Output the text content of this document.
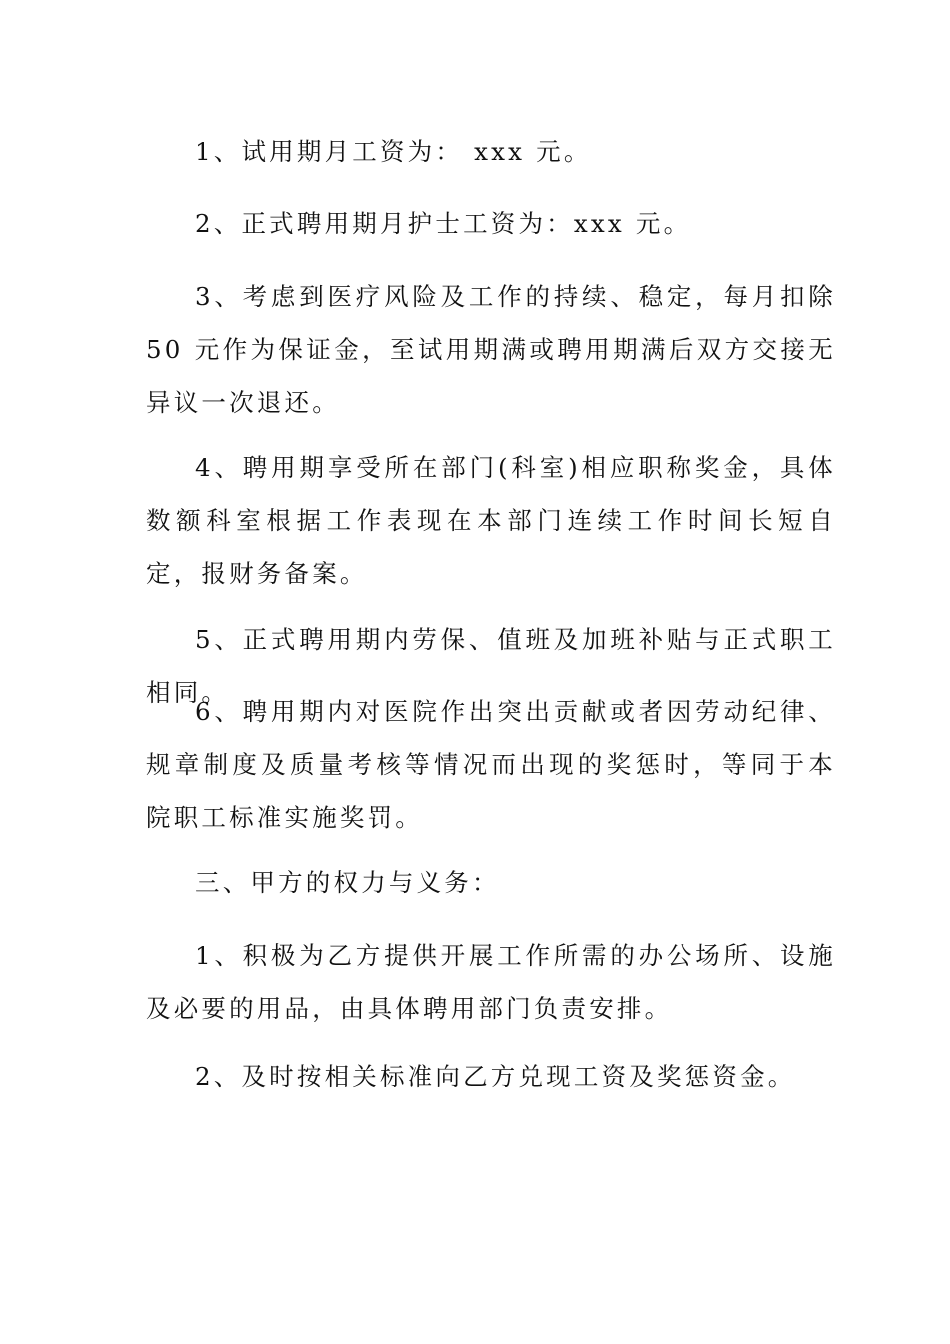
1、试用期月工资为： xxx 元。

2、正式聘用期月护士工资为：xxx 元。

3、考虑到医疗风险及工作的持续、稳定，每月扣除 50 元作为保证金，至试用期满或聘用期满后双方交接无异议一次退还。

4、聘用期享受所在部门(科室)相应职称奖金，具体数额科室根据工作表现在本部门连续工作时间长短自定，报财务备案。

5、正式聘用期内劳保、值班及加班补贴与正式职工相同。

6、聘用期内对医院作出突出贡献或者因劳动纪律、规章制度及质量考核等情况而出现的奖惩时，等同于本院职工标准实施奖罚。

三、甲方的权力与义务：

1、积极为乙方提供开展工作所需的办公场所、设施及必要的用品，由具体聘用部门负责安排。

2、及时按相关标准向乙方兑现工资及奖惩资金。
